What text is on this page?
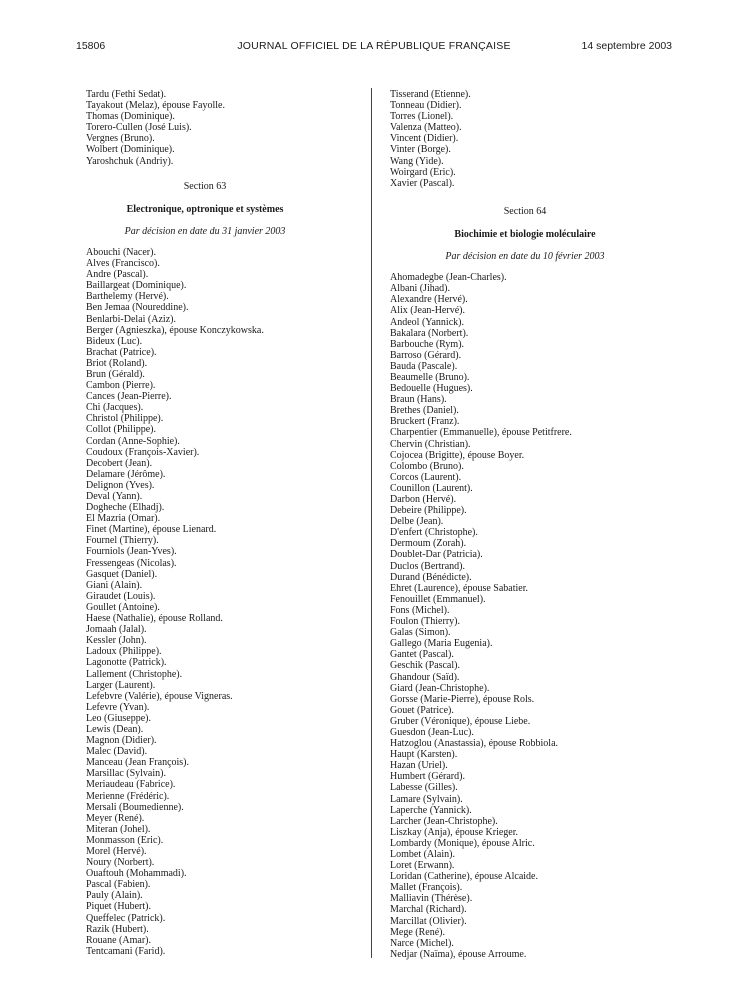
15806	JOURNAL OFFICIEL DE LA RÉPUBLIQUE FRANÇAISE	14 septembre 2003
Tardu (Fethi Sedat).
Tayakout (Melaz), épouse Fayolle.
Thomas (Dominique).
Torero-Cullen (José Luis).
Vergnes (Bruno).
Wolbert (Dominique).
Yaroshchuk (Andriy).
Section 63
Electronique, optronique et systèmes
Par décision en date du 31 janvier 2003
Abouchi (Nacer).
Alves (Francisco).
Andre (Pascal).
Baillargeat (Dominique).
Barthelemy (Hervé).
Ben Jemaa (Noureddine).
Benlarbi-Delai (Aziz).
Berger (Agnieszka), épouse Konczykowska.
Bideux (Luc).
Brachat (Patrice).
Briot (Roland).
Brun (Gérald).
Cambon (Pierre).
Cances (Jean-Pierre).
Chi (Jacques).
Christol (Philippe).
Collot (Philippe).
Cordan (Anne-Sophie).
Coudoux (François-Xavier).
Decobert (Jean).
Delamare (Jérôme).
Delignon (Yves).
Deval (Yann).
Dogheche (Elhadj).
El Mazria (Omar).
Finet (Martine), épouse Lienard.
Fournel (Thierry).
Fourniols (Jean-Yves).
Fressengeas (Nicolas).
Gasquet (Daniel).
Giani (Alain).
Giraudet (Louis).
Goullet (Antoine).
Haese (Nathalie), épouse Rolland.
Jomaah (Jalal).
Kessler (John).
Ladoux (Philippe).
Lagonotte (Patrick).
Lallement (Christophe).
Larger (Laurent).
Lefebvre (Valérie), épouse Vigneras.
Lefevre (Yvan).
Leo (Giuseppe).
Lewis (Dean).
Magnon (Didier).
Malec (David).
Manceau (Jean François).
Marsillac (Sylvain).
Meriaudeau (Fabrice).
Merienne (Frédéric).
Mersali (Boumedienne).
Meyer (René).
Miteran (Johel).
Monmasson (Eric).
Morel (Hervé).
Noury (Norbert).
Ouaftouh (Mohammadi).
Pascal (Fabien).
Pauly (Alain).
Piquet (Hubert).
Queffelec (Patrick).
Razik (Hubert).
Rouane (Amar).
Tentcamani (Farid).
Tisserand (Etienne).
Tonneau (Didier).
Torres (Lionel).
Valenza (Matteo).
Vincent (Didier).
Vinter (Borge).
Wang (Yide).
Woirgard (Eric).
Xavier (Pascal).
Section 64
Biochimie et biologie moléculaire
Par décision en date du 10 février 2003
Ahomadegbe (Jean-Charles).
Albani (Jihad).
Alexandre (Hervé).
Alix (Jean-Hervé).
Andeol (Yannick).
Bakalara (Norbert).
Barbouche (Rym).
Barroso (Gérard).
Bauda (Pascale).
Beaumelle (Bruno).
Bedouelle (Hugues).
Braun (Hans).
Brethes (Daniel).
Bruckert (Franz).
Charpentier (Emmanuelle), épouse Petitfrere.
Chervin (Christian).
Cojocea (Brigitte), épouse Boyer.
Colombo (Bruno).
Corcos (Laurent).
Counillon (Laurent).
Darbon (Hervé).
Debeire (Philippe).
Delbe (Jean).
D'enfert (Christophe).
Dermoum (Zorah).
Doublet-Dar (Patricia).
Duclos (Bertrand).
Durand (Bénédicte).
Ehret (Laurence), épouse Sabatier.
Fenouillet (Emmanuel).
Fons (Michel).
Foulon (Thierry).
Galas (Simon).
Gallego (Maria Eugenia).
Gantet (Pascal).
Geschik (Pascal).
Ghandour (Saïd).
Giard (Jean-Christophe).
Gorsse (Marie-Pierre), épouse Rols.
Gouet (Patrice).
Gruber (Véronique), épouse Liebe.
Guesdon (Jean-Luc).
Hatzoglou (Anastassia), épouse Robbiola.
Haupt (Karsten).
Hazan (Uriel).
Humbert (Gérard).
Labesse (Gilles).
Lamare (Sylvain).
Laperche (Yannick).
Larcher (Jean-Christophe).
Liszkay (Anja), épouse Krieger.
Lombardy (Monique), épouse Alric.
Lombet (Alain).
Loret (Erwann).
Loridan (Catherine), épouse Alcaide.
Mallet (François).
Malliavin (Thérèse).
Marchal (Richard).
Marcillat (Olivier).
Mege (René).
Narce (Michel).
Nedjar (Naïma), épouse Arroume.
